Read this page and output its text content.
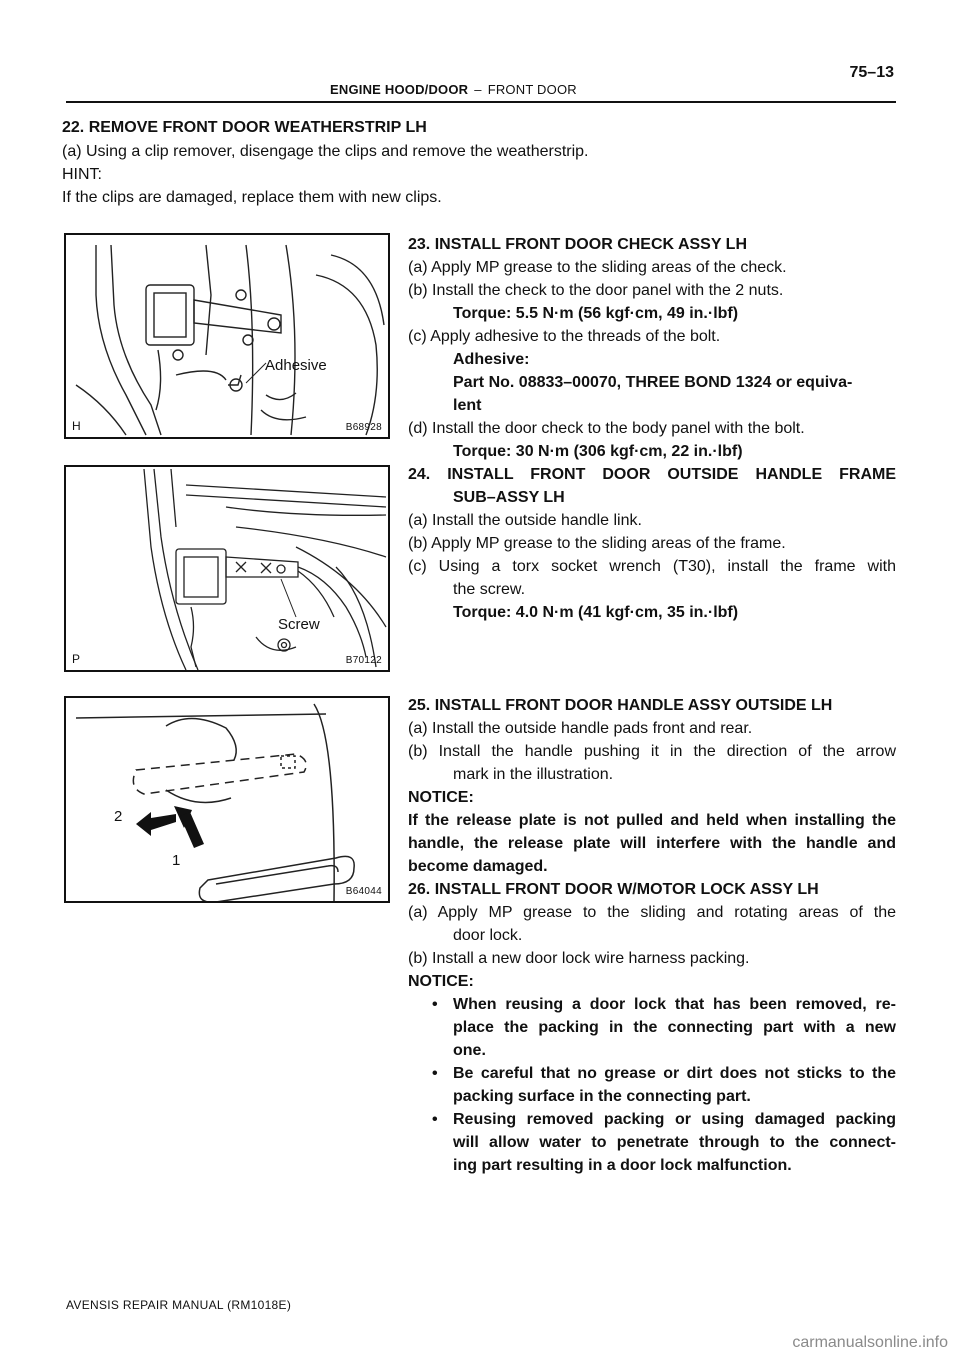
75–13
ENGINE HOOD/DOOR – FRONT DOOR
22. REMOVE FRONT DOOR WEATHERSTRIP LH
(a) Using a clip remover, disengage the clips and remove the weatherstrip.
HINT:
If the clips are damaged, replace them with new clips.
Adhesive
H	B68928
23. INSTALL FRONT DOOR CHECK ASSY LH
(a) Apply MP grease to the sliding areas of the check.
(b) Install the check to the door panel with the 2 nuts.
Torque: 5.5 N·m (56 kgf·cm, 49 in.·lbf)
(c) Apply adhesive to the threads of the bolt.
Adhesive:
Part No. 08833–00070, THREE BOND 1324 or equiva-
lent
(d) Install the door check to the body panel with the bolt.
Torque: 30 N·m (306 kgf·cm, 22 in.·lbf)
Screw
P	B70122
24. INSTALL FRONT DOOR OUTSIDE HANDLE FRAME
SUB–ASSY LH
(a) Install the outside handle link.
(b) Apply MP grease to the sliding areas of the frame.
(c) Using a torx socket wrench (T30), install the frame with
the screw.
Torque: 4.0 N·m (41 kgf·cm, 35 in.·lbf)
2
1
B64044
25. INSTALL FRONT DOOR HANDLE ASSY OUTSIDE LH
(a) Install the outside handle pads front and rear.
(b) Install the handle pushing it in the direction of the arrow
mark in the illustration.
NOTICE:
If the release plate is not pulled and held when installing the
handle, the release plate will interfere with the handle and
become damaged.
26. INSTALL FRONT DOOR W/MOTOR LOCK ASSY LH
(a) Apply MP grease to the sliding and rotating areas of the
door lock.
(b) Install a new door lock wire harness packing.
NOTICE:
• When reusing a door lock that has been removed, re-
place the packing in the connecting part with a new
one.
• Be careful that no grease or dirt does not sticks to the
packing surface in the connecting part.
• Reusing removed packing or using damaged packing
will allow water to penetrate through to the connect-
ing part resulting in a door lock malfunction.
AVENSIS REPAIR MANUAL (RM1018E)
carmanualsonline.info
